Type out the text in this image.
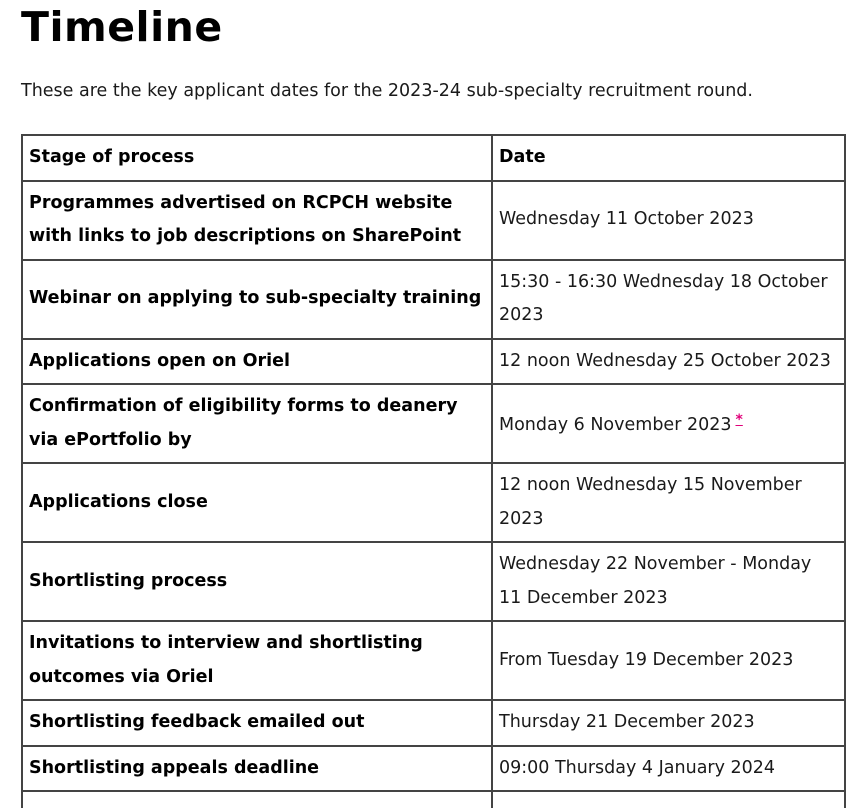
Timeline

These are the key applicant dates for the 2023-24 sub-specialty recruitment round.

Stage of process	Date
Programmes advertised on RCPCH website with links to job descriptions on SharePoint	Wednesday 11 October 2023
Webinar on applying to sub-specialty training	15:30 - 16:30 Wednesday 18 October 2023
Applications open on Oriel	12 noon Wednesday 25 October 2023
Confirmation of eligibility forms to deanery via ePortfolio by	Monday 6 November 2023 *
Applications close	12 noon Wednesday 15 November 2023
Shortlisting process	Wednesday 22 November - Monday 11 December 2023
Invitations to interview and shortlisting outcomes via Oriel	From Tuesday 19 December 2023
Shortlisting feedback emailed out	Thursday 21 December 2023
Shortlisting appeals deadline	09:00 Thursday 4 January 2024
